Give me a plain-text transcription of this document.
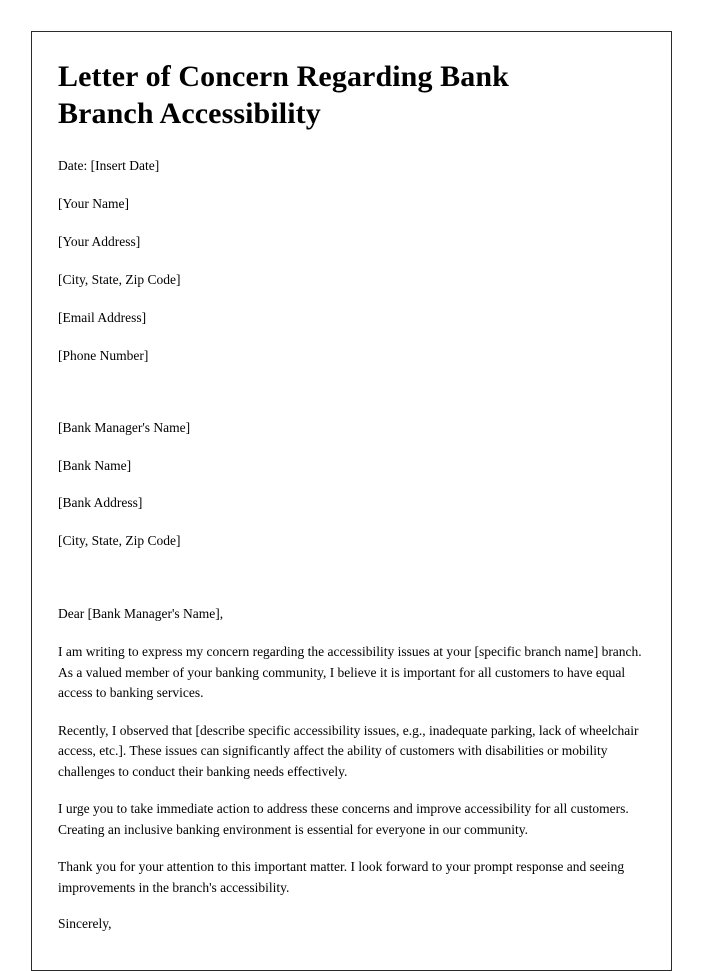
Letter of Concern Regarding Bank Branch Accessibility

Date: [Insert Date]

[Your Name]

[Your Address]

[City, State, Zip Code]

[Email Address]

[Phone Number]

[Bank Manager's Name]

[Bank Name]

[Bank Address]

[City, State, Zip Code]

Dear [Bank Manager's Name],

I am writing to express my concern regarding the accessibility issues at your [specific branch name] branch. As a valued member of your banking community, I believe it is important for all customers to have equal access to banking services.

Recently, I observed that [describe specific accessibility issues, e.g., inadequate parking, lack of wheelchair access, etc.]. These issues can significantly affect the ability of customers with disabilities or mobility challenges to conduct their banking needs effectively.

I urge you to take immediate action to address these concerns and improve accessibility for all customers. Creating an inclusive banking environment is essential for everyone in our community.

Thank you for your attention to this important matter. I look forward to your prompt response and seeing improvements in the branch's accessibility.

Sincerely,
